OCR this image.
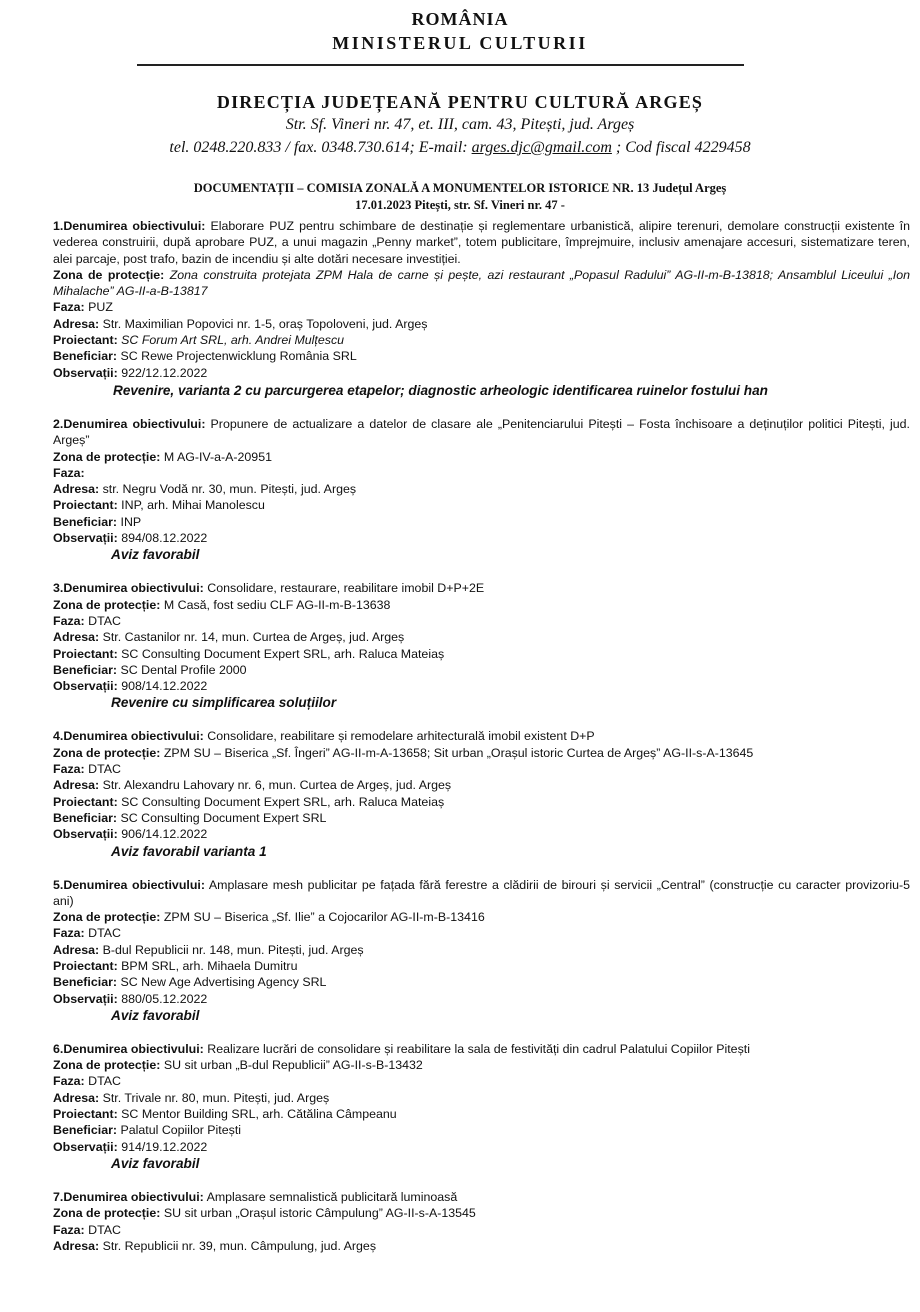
ROMÂNIA
MINISTERUL CULTURII
DIRECȚIA JUDEȚEANĂ PENTRU CULTURĂ ARGEȘ
Str. Sf. Vineri nr. 47, et. III, cam. 43, Pitești, jud. Argeș
tel. 0248.220.833 / fax. 0348.730.614; E-mail: arges.djc@gmail.com ; Cod fiscal 4229458
DOCUMENTAȚII – COMISIA ZONALĂ A MONUMENTELOR ISTORICE NR. 13 Județul Argeș
17.01.2023 Pitești, str. Sf. Vineri nr. 47 -
1.Denumirea obiectivului: Elaborare PUZ pentru schimbare de destinație și reglementare urbanistică, alipire terenuri, demolare construcții existente în vederea construirii, după aprobare PUZ, a unui magazin „Penny market”, totem publicitare, împrejmuire, inclusiv amenajare accesuri, sistematizare teren, alei parcaje, post trafo, bazin de incendiu și alte dotări necesare investiției.
Zona de protecție: Zona construita protejata ZPM Hala de carne și pește, azi restaurant „Popasul Radului” AG-II-m-B-13818; Ansamblul Liceului „Ion Mihalache” AG-II-a-B-13817
Faza: PUZ
Adresa: Str. Maximilian Popovici nr. 1-5, oraș Topoloveni, jud. Argeș
Proiectant: SC Forum Art SRL, arh. Andrei Mulțescu
Beneficiar: SC Rewe Projectenwicklung România SRL
Observații: 922/12.12.2022
Revenire, varianta 2 cu parcurgerea etapelor; diagnostic arheologic identificarea ruinelor fostului han
2.Denumirea obiectivului: Propunere de actualizare a datelor de clasare ale „Penitenciarului Pitești – Fosta închisoare a deținuților politici Pitești, jud. Argeș”
Zona de protecție: M AG-IV-a-A-20951
Faza:
Adresa: str. Negru Vodă nr. 30, mun. Pitești, jud. Argeș
Proiectant: INP, arh. Mihai Manolescu
Beneficiar: INP
Observații: 894/08.12.2022
Aviz favorabil
3.Denumirea obiectivului: Consolidare, restaurare, reabilitare imobil D+P+2E
Zona de protecție: M Casă, fost sediu CLF AG-II-m-B-13638
Faza: DTAC
Adresa: Str. Castanilor nr. 14, mun. Curtea de Argeș, jud. Argeș
Proiectant: SC Consulting Document Expert SRL, arh. Raluca Mateiaș
Beneficiar: SC Dental Profile 2000
Observații: 908/14.12.2022
Revenire cu simplificarea soluțiilor
4.Denumirea obiectivului: Consolidare, reabilitare și remodelare arhitecturală imobil existent D+P
Zona de protecție: ZPM SU – Biserica „Sf. Îngeri” AG-II-m-A-13658; Sit urban „Orașul istoric Curtea de Argeș” AG-II-s-A-13645
Faza: DTAC
Adresa: Str. Alexandru Lahovary nr. 6, mun. Curtea de Argeș, jud. Argeș
Proiectant: SC Consulting Document Expert SRL, arh. Raluca Mateiaș
Beneficiar: SC Consulting Document Expert SRL
Observații: 906/14.12.2022
Aviz favorabil varianta 1
5.Denumirea obiectivului: Amplasare mesh publicitar pe fațada fără ferestre a clădirii de birouri și servicii „Central” (construcție cu caracter provizoriu-5 ani)
Zona de protecție: ZPM SU – Biserica „Sf. Ilie” a Cojocarilor AG-II-m-B-13416
Faza: DTAC
Adresa: B-dul Republicii nr. 148, mun. Pitești, jud. Argeș
Proiectant: BPM SRL, arh. Mihaela Dumitru
Beneficiar: SC New Age Advertising Agency SRL
Observații: 880/05.12.2022
Aviz favorabil
6.Denumirea obiectivului: Realizare lucrări de consolidare și reabilitare la sala de festivități din cadrul Palatului Copiilor Pitești
Zona de protecție: SU sit urban „B-dul Republicii” AG-II-s-B-13432
Faza: DTAC
Adresa: Str. Trivale nr. 80, mun. Pitești, jud. Argeș
Proiectant: SC Mentor Building SRL, arh. Cătălina Câmpeanu
Beneficiar: Palatul Copiilor Pitești
Observații: 914/19.12.2022
Aviz favorabil
7.Denumirea obiectivului: Amplasare semnalistică publicitară luminoasă
Zona de protecție: SU sit urban „Orașul istoric Câmpulung” AG-II-s-A-13545
Faza: DTAC
Adresa: Str. Republicii nr. 39, mun. Câmpulung, jud. Argeș
